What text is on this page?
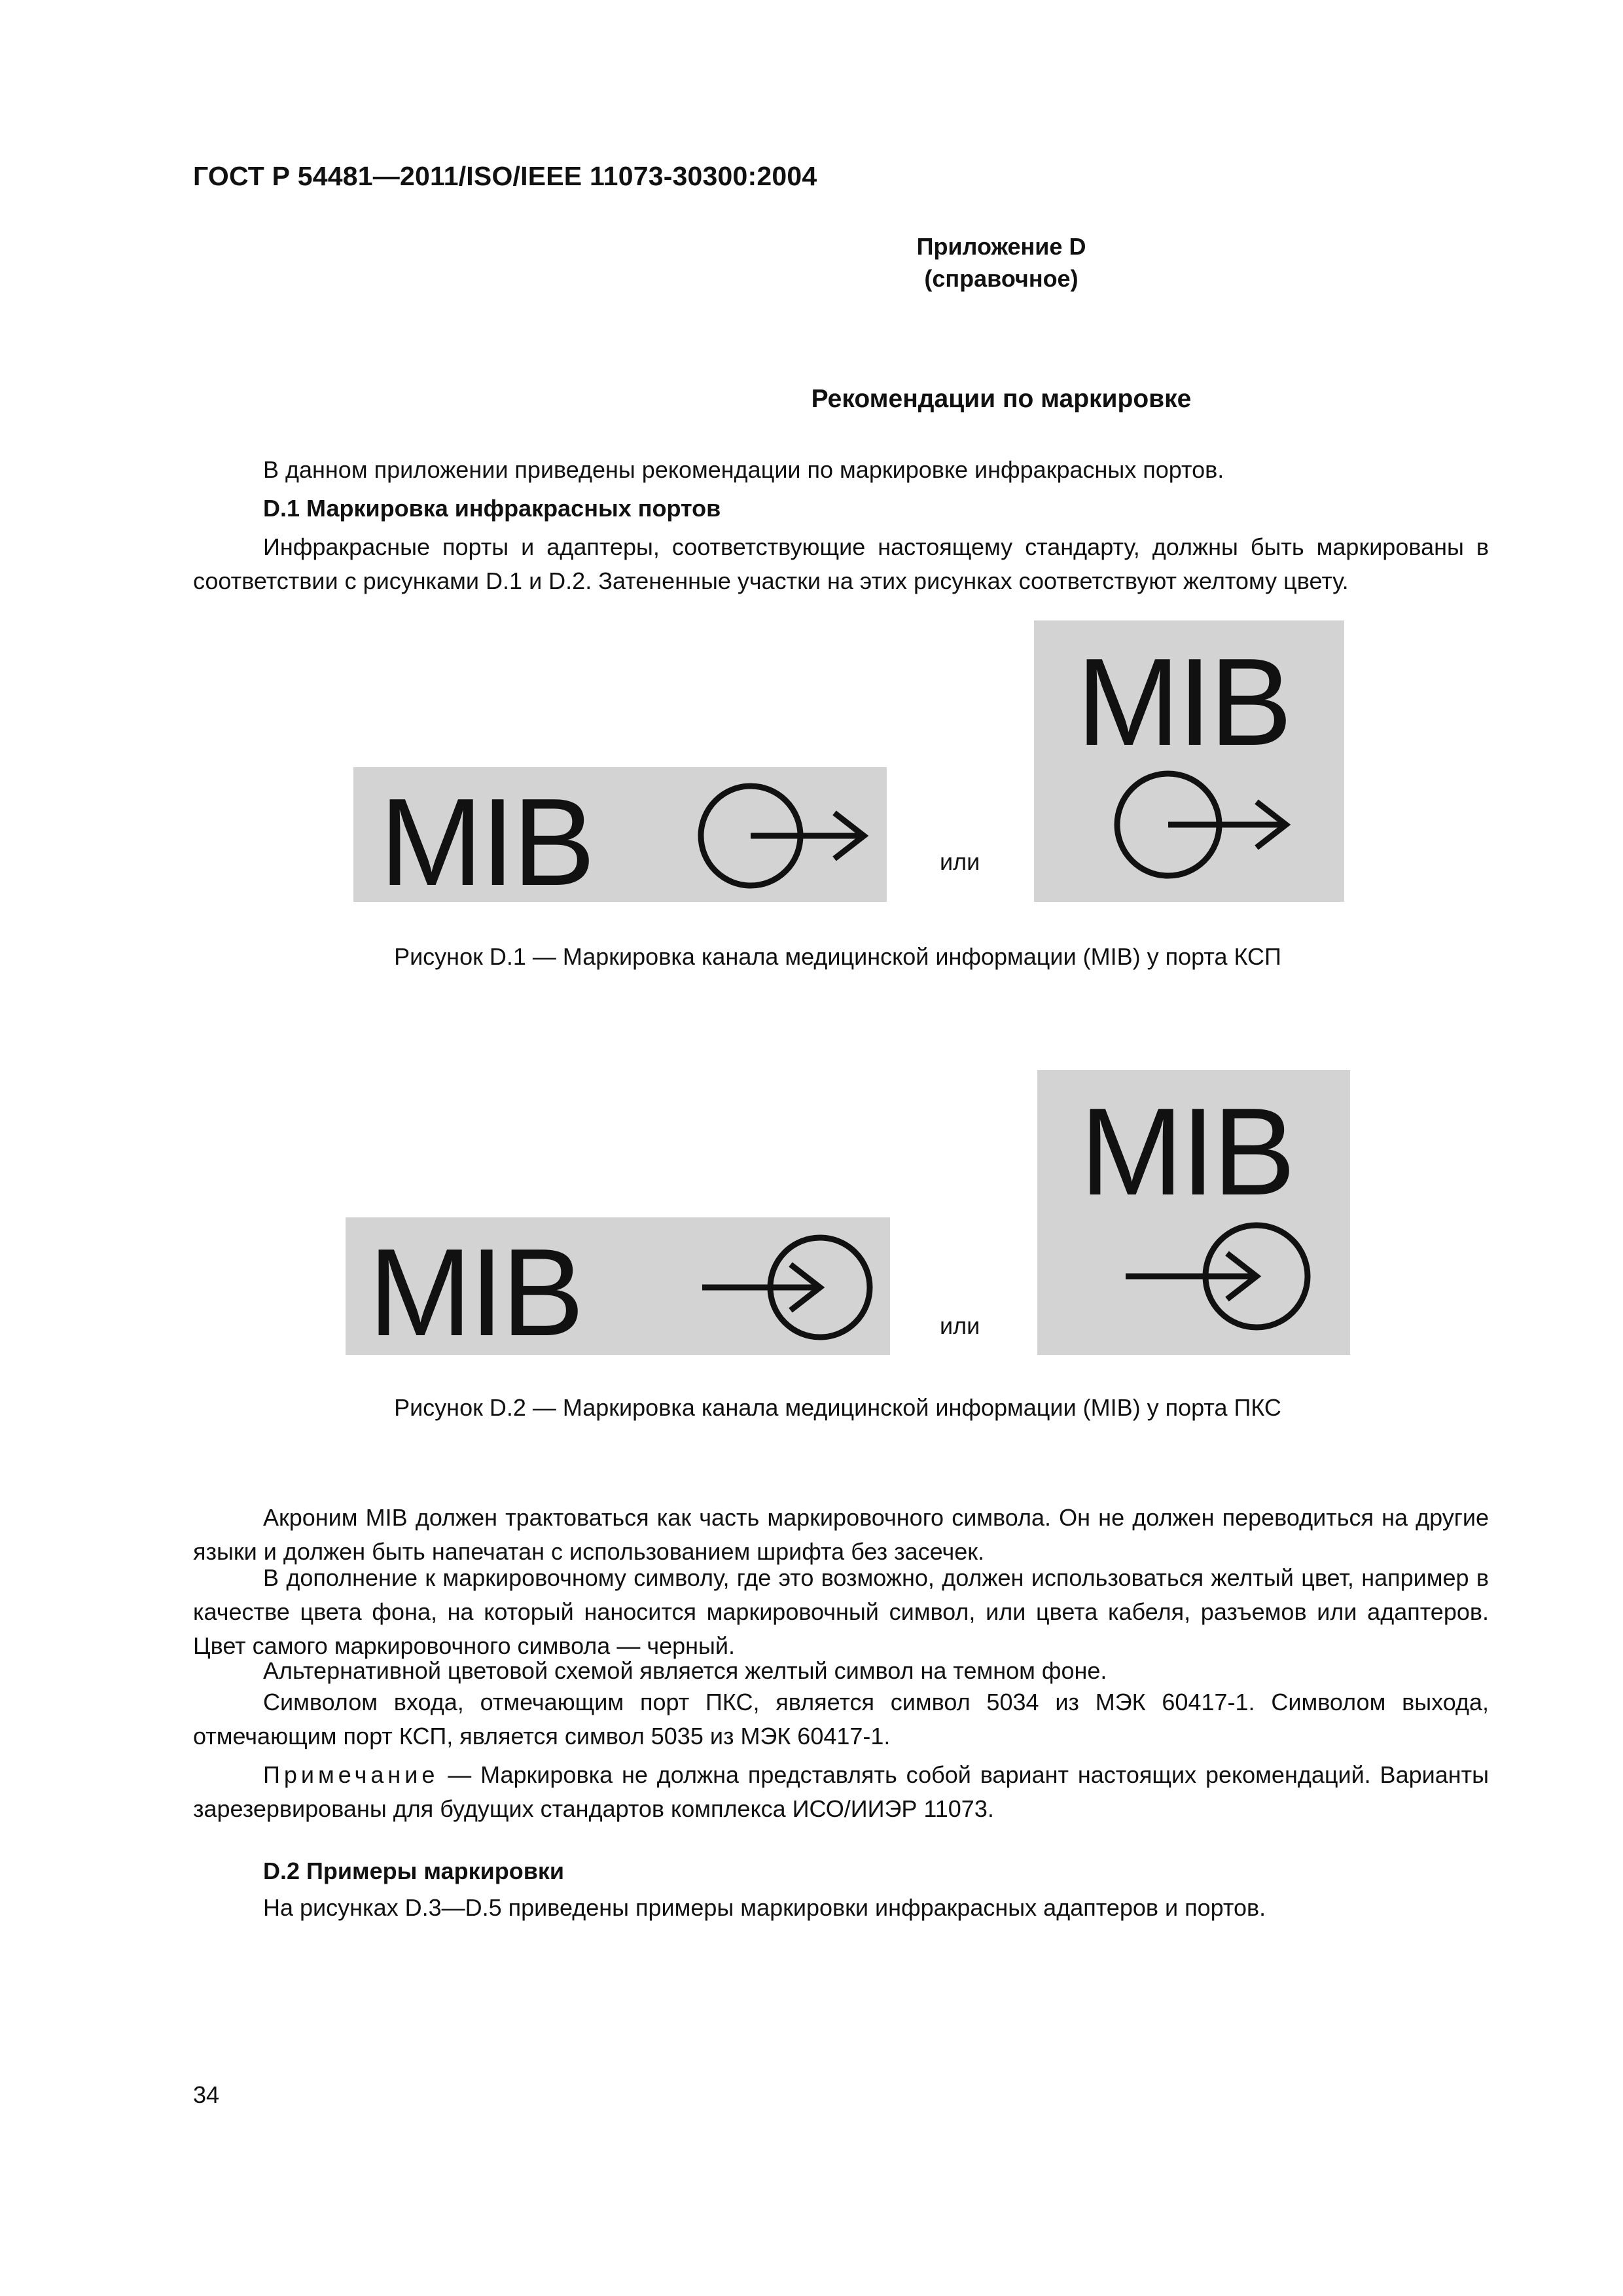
ГОСТ Р 54481—2011/ISO/IEEE 11073-30300:2004
Приложение D
(справочное)
Рекомендации по маркировке
В данном приложении приведены рекомендации по маркировке инфракрасных портов.
D.1 Маркировка инфракрасных портов
Инфракрасные порты и адаптеры, соответствующие настоящему стандарту, должны быть маркированы в соответствии с рисунками D.1 и D.2. Затененные участки на этих рисунках соответствуют желтому цвету.
MIB	или
MIB
Рисунок D.1 — Маркировка канала медицинской информации (MIB) у порта КСП
MIB	или
MIB
Рисунок D.2 — Маркировка канала медицинской информации (MIB) у порта ПКС
Акроним MIB должен трактоваться как часть маркировочного символа. Он не должен переводиться на другие языки и должен быть напечатан с использованием шрифта без засечек.
В дополнение к маркировочному символу, где это возможно, должен использоваться желтый цвет, например в качестве цвета фона, на который наносится маркировочный символ, или цвета кабеля, разъемов или адаптеров. Цвет самого маркировочного символа — черный.
Альтернативной цветовой схемой является желтый символ на темном фоне.
Символом входа, отмечающим порт ПКС, является символ 5034 из МЭК 60417-1. Символом выхода, отмечающим порт КСП, является символ 5035 из МЭК 60417-1.
Примечание — Маркировка не должна представлять собой вариант настоящих рекомендаций. Варианты зарезервированы для будущих стандартов комплекса ИСО/ИИЭР 11073.
D.2 Примеры маркировки
На рисунках D.3—D.5 приведены примеры маркировки инфракрасных адаптеров и портов.
34
